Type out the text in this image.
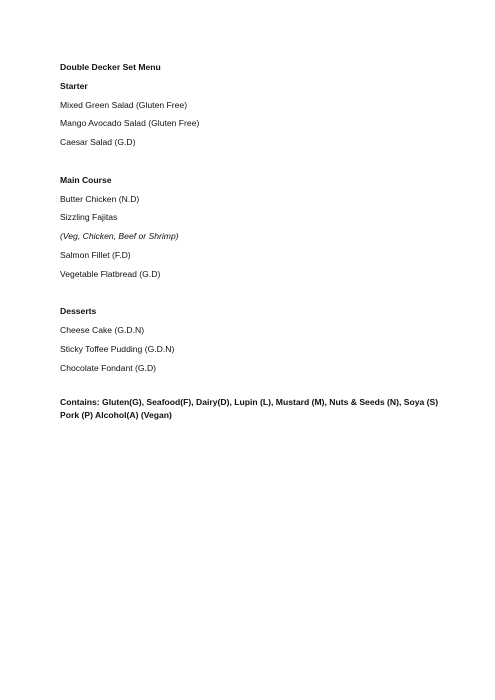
Double Decker Set Menu
Starter
Mixed Green Salad (Gluten Free)
Mango Avocado Salad (Gluten Free)
Caesar Salad (G.D)
Main Course
Butter Chicken (N.D)
Sizzling Fajitas
(Veg, Chicken, Beef or Shrimp)
Salmon Fillet (F.D)
Vegetable Flatbread (G.D)
Desserts
Cheese Cake (G.D.N)
Sticky Toffee Pudding (G.D.N)
Chocolate Fondant (G.D)
Contains: Gluten(G), Seafood(F), Dairy(D), Lupin (L), Mustard (M), Nuts & Seeds (N), Soya (S) Pork (P) Alcohol(A) (Vegan)
